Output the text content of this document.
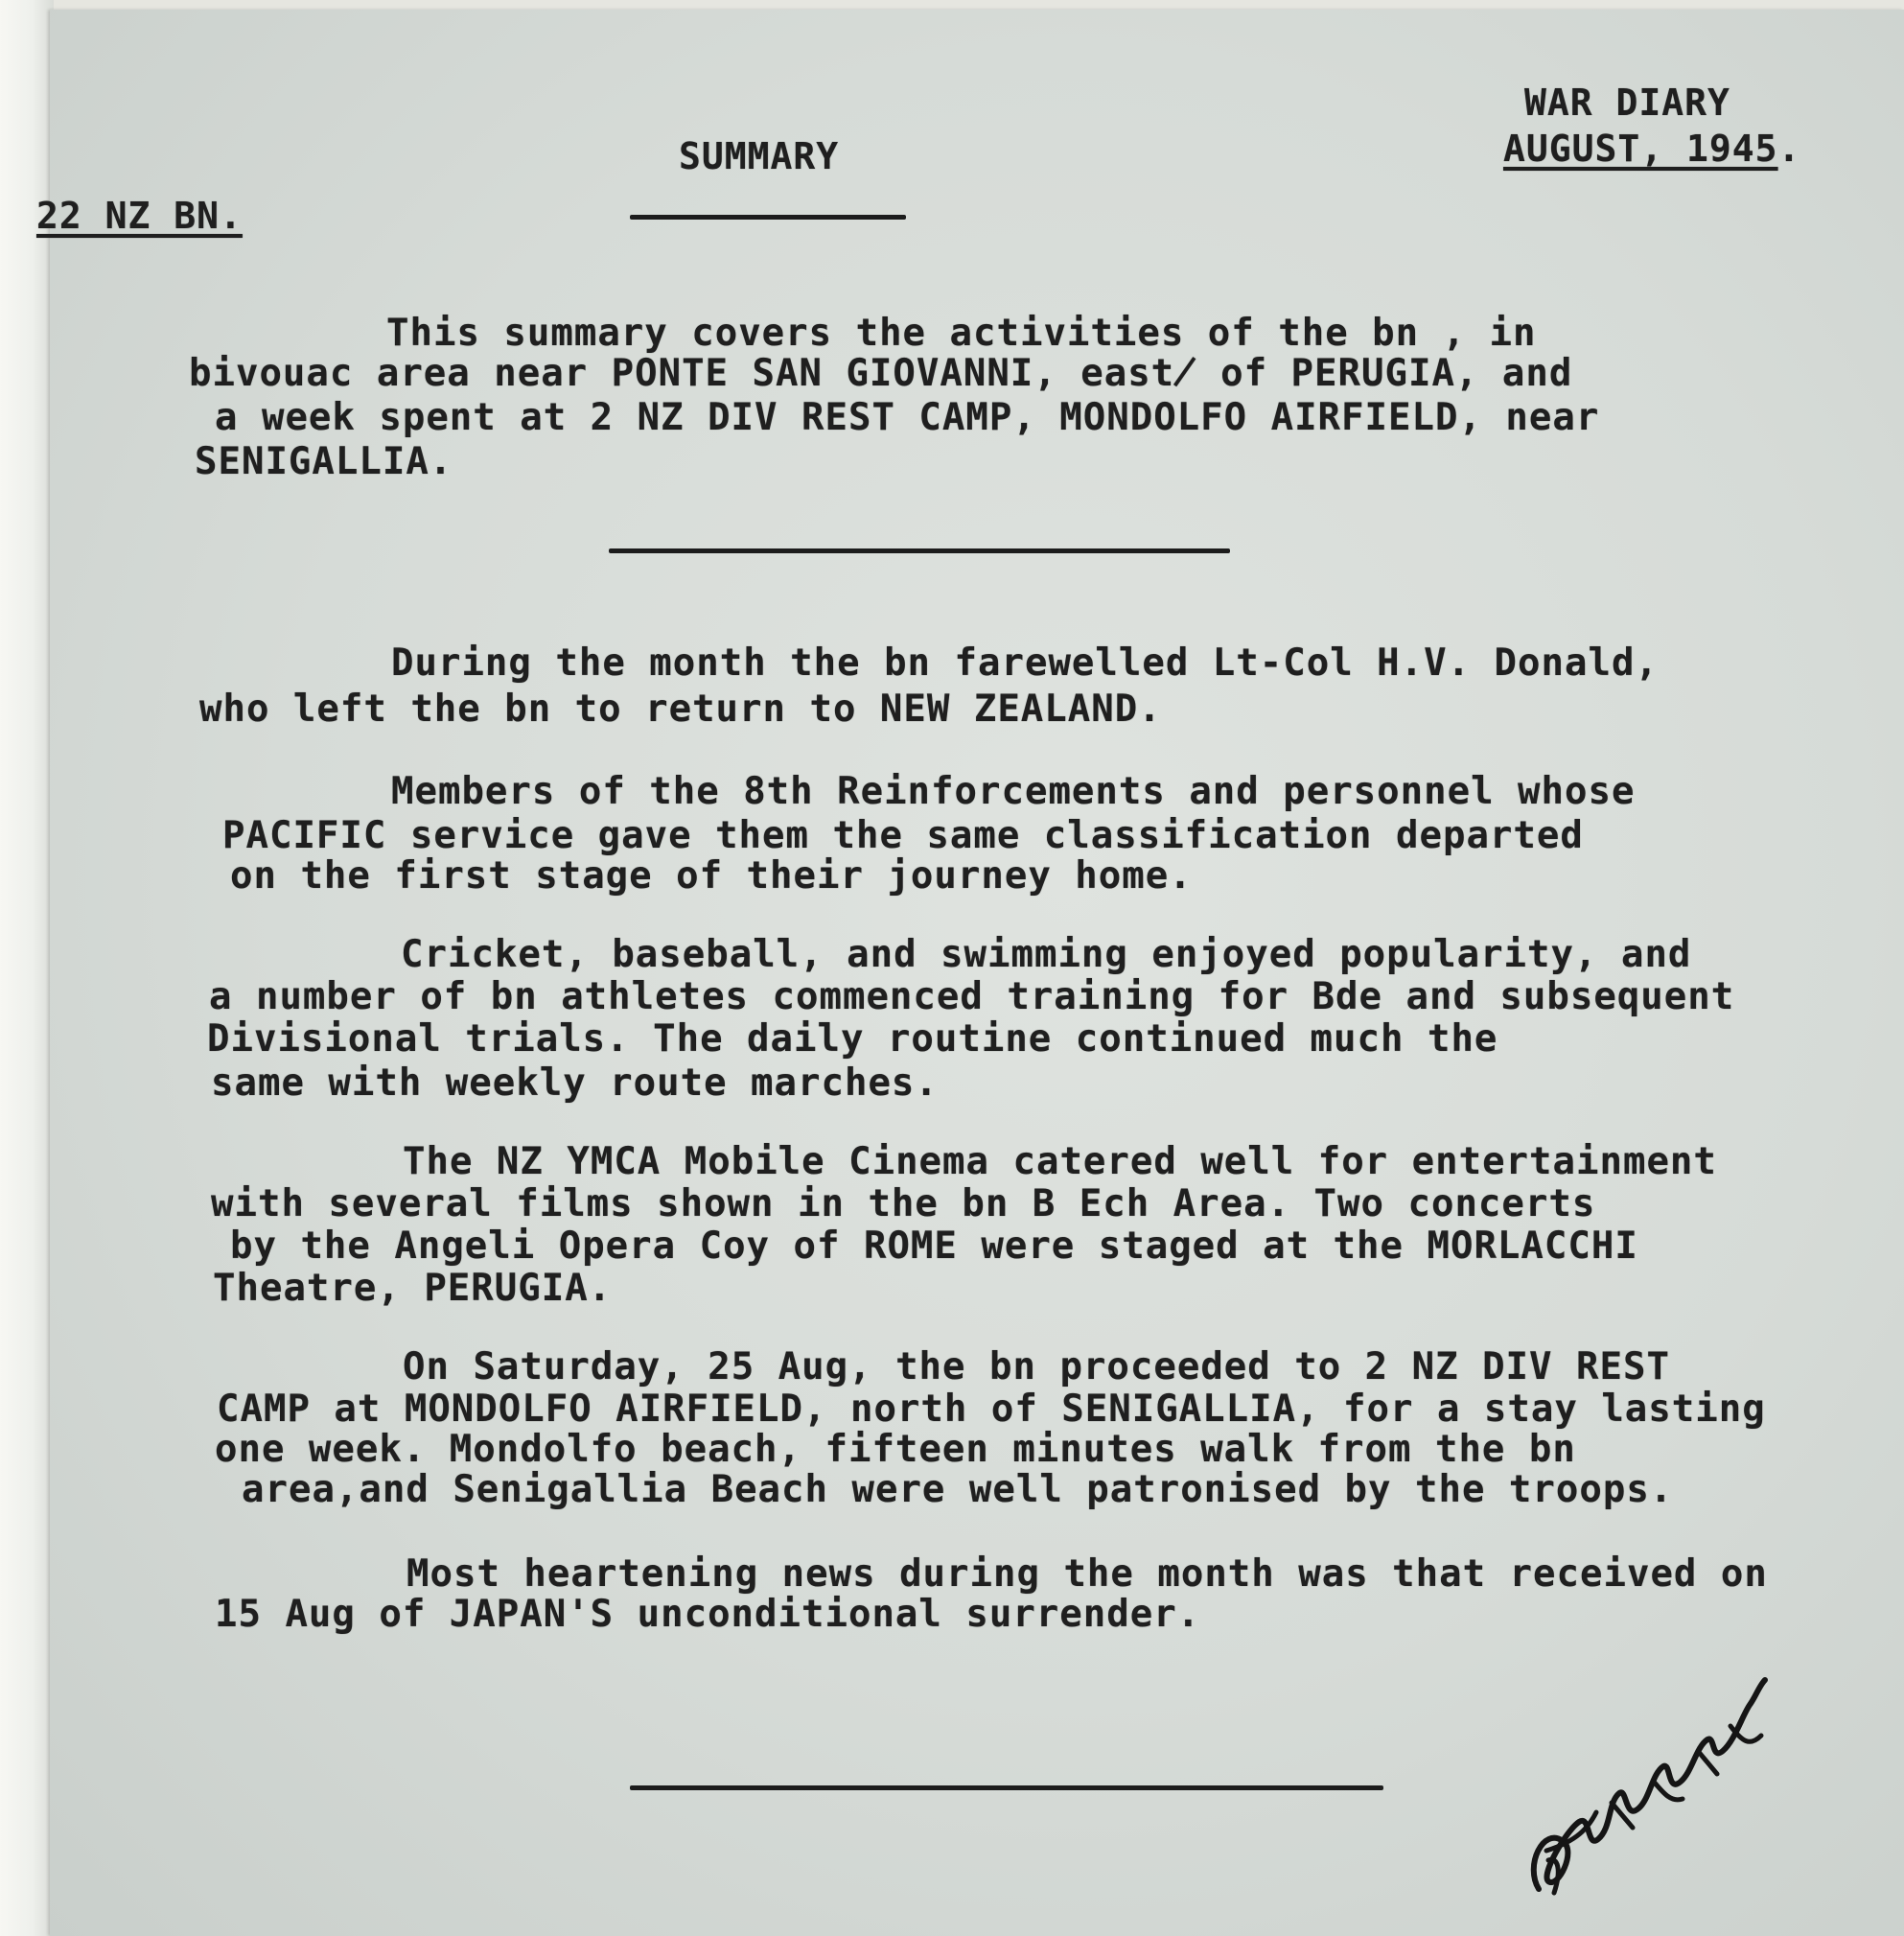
WAR DIARY

AUGUST, 1945.

SUMMARY

22 NZ BN.

This summary covers the activities of the bn , in

bivouac area near PONTE SAN GIOVANNI, east̸ of PERUGIA, and

a week spent at 2 NZ DIV REST CAMP, MONDOLFO AIRFIELD, near

SENIGALLIA.

During the month the bn farewelled Lt-Col H.V. Donald,

who left the bn to return to NEW ZEALAND.

Members of the 8th Reinforcements and personnel whose

PACIFIC service gave them the same classification departed

on the first stage of their journey home.

Cricket, baseball, and swimming enjoyed popularity, and

a number of bn athletes commenced training for Bde and subsequent

Divisional trials. The daily routine continued much the

same with weekly route marches.

The NZ YMCA Mobile Cinema catered well for entertainment

with several films shown in the bn B Ech Area. Two concerts

by the Angeli Opera Coy of ROME were staged at the MORLACCHI

Theatre, PERUGIA.

On Saturday, 25 Aug, the bn proceeded to 2 NZ DIV REST

CAMP at MONDOLFO AIRFIELD, north of SENIGALLIA, for a stay lasting

one week. Mondolfo beach, fifteen minutes walk from the bn

area,and Senigallia Beach were well patronised by the troops.

Most heartening news during the month was that received on

15 Aug of JAPAN'S unconditional surrender.
